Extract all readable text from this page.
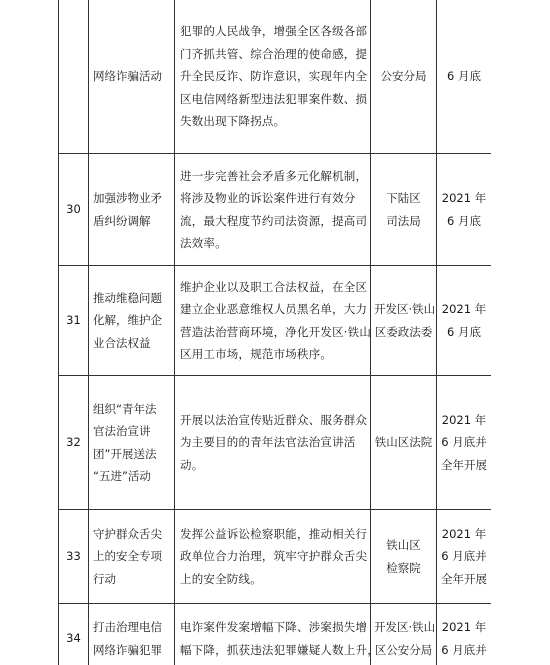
	网络诈骗活动	犯罪的人民战争，增强全区各级各部
门齐抓共管、综合治理的使命感，提
升全民反诈、防诈意识，实现年内全
区电信网络新型违法犯罪案件数、损
失数出现下降拐点。	公安分局	6 月底

30	加强涉物业矛
盾纠纷调解	进一步完善社会矛盾多元化解机制，
将涉及物业的诉讼案件进行有效分
流，最大程度节约司法资源，提高司
法效率。	下陆区
司法局	2021 年
6 月底

31	推动维稳问题
化解，维护企
业合法权益	维护企业以及职工合法权益，在全区
建立企业恶意维权人员黑名单，大力
营造法治营商环境，净化开发区·铁山
区用工市场，规范市场秩序。	开发区·铁山
区委政法委	2021 年
6 月底

32	组织“青年法
官法治宣讲
团”开展送法
“五进”活动	开展以法治宣传贴近群众、服务群众
为主要目的的青年法官法治宣讲活
动。	铁山区法院	2021 年
6 月底并
全年开展

33	守护群众舌尖
上的安全专项
行动	发挥公益诉讼检察职能，推动相关行
政单位合力治理，筑牢守护群众舌尖
上的安全防线。	铁山区
检察院	2021 年
6 月底并
全年开展

34	打击治理电信
网络诈骗犯罪	电诈案件发案增幅下降、涉案损失增
幅下降，抓获违法犯罪嫌疑人数上升，	开发区·铁山
区公安分局	2021 年
6 月底并
